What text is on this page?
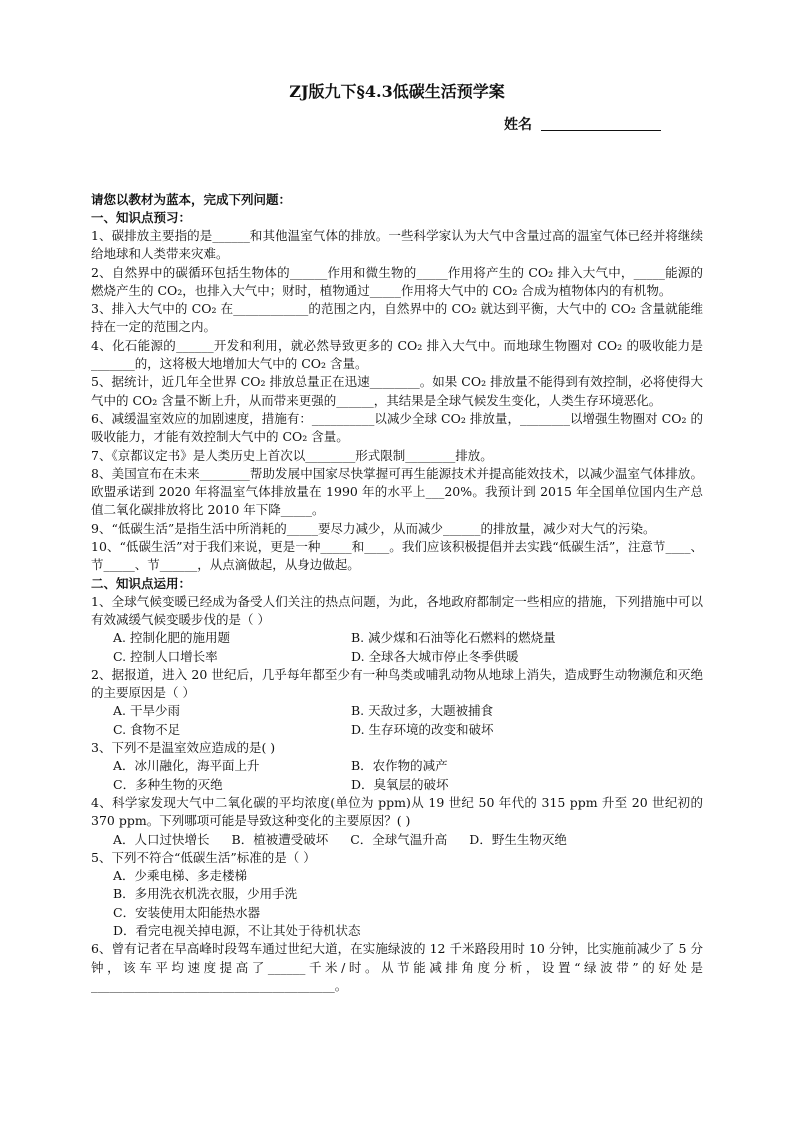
ZJ版九下§4.3低碳生活预学案
姓名
请您以教材为蓝本，完成下列问题：
一、知识点预习：

1、碳排放主要指的是______和其他温室气体的排放。一些科学家认为大气中含量过高的温室气体已经并将继续给地球和人类带来灾难。

2、自然界中的碳循环包括生物体的______作用和微生物的_____作用将产生的 CO₂ 排入大气中，_____能源的燃烧产生的 CO₂，也排入大气中；财时，植物通过_____作用将大气中的 CO₂ 合成为植物体内的有机物。

3、排入大气中的 CO₂ 在____________的范围之内，自然界中的 CO₂ 就达到平衡，大气中的 CO₂ 含量就能维持在一定的范围之内。

4、化石能源的______开发和利用，就必然导致更多的 CO₂ 排入大气中。而地球生物圈对 CO₂ 的吸收能力是_______的，这将极大地增加大气中的 CO₂ 含量。

5、据统计，近几年全世界 CO₂ 排放总量正在迅速________。如果 CO₂ 排放量不能得到有效控制，必将使得大气中的 CO₂ 含量不断上升，从而带来更强的______，其结果是全球气候发生变化，人类生存环境恶化。

6、减缓温室效应的加剧速度，措施有：__________以减少全球 CO₂ 排放量，________以增强生物圈对 CO₂ 的吸收能力，才能有效控制大气中的 CO₂ 含量。

7、《京都议定书》是人类历史上首次以________形式限制________排放。

8、美国宣布在未来________帮助发展中国家尽快掌握可再生能源技术并提高能效技术，以减少温室气体排放。欧盟承诺到 2020 年将温室气体排放量在 1990 年的水平上___20%。我预计到 2015 年全国单位国内生产总值二氧化碳排放将比 2010 年下降_____。

9、“低碳生活”是指生活中所消耗的_____要尽力减少，从而减少______的排放量，减少对大气的污染。

10、“低碳生活”对于我们来说，更是一种_____和____。我们应该积极提倡并去实践“低碳生活”，注意节____、节_____、节______，从点滴做起，从身边做起。

二、知识点运用：

1、全球气候变暖已经成为备受人们关注的热点问题，为此，各地政府都制定一些相应的措施，下列措施中可以有效减缓气候变暖步伐的是（ ）

A. 控制化肥的施用题	B. 减少煤和石油等化石燃料的燃烧量
C. 控制人口增长率	D. 全球各大城市停止冬季供暖

2、据报道，进入 20 世纪后，几乎每年都至少有一种鸟类或哺乳动物从地球上消失，造成野生动物濒危和灭绝的主要原因是（ ）

A. 干旱少雨	B. 天敌过多，大题被捕食
C. 食物不足	D. 生存环境的改变和破坏

3、下列不是温室效应造成的是( )

A．冰川融化，海平面上升	B．农作物的减产
C．多种生物的灭绝	D．臭氧层的破坏

4、科学家发现大气中二氧化碳的平均浓度(单位为 ppm)从 19 世纪 50 年代的 315 ppm 升至 20 世纪初的 370 ppm。下列哪项可能是导致这种变化的主要原因？( )

A．人口过快增长 B．植被遭受破坏 C．全球气温升高 D．野生生物灭绝

5、下列不符合“低碳生活”标准的是（ ）

A．少乘电梯、多走楼梯
B．多用洗衣机洗衣服，少用手洗
C．安装使用太阳能热水器
D．看完电视关掉电源，不让其处于待机状态

6、曾有记者在早高峰时段驾车通过世纪大道，在实施绿波的 12 千米路段用时 10 分钟，比实施前减少了 5 分钟，该车平均速度提高了______千米/时。从节能减排角度分析，设置“绿波带”的好处是_______________________________________。
